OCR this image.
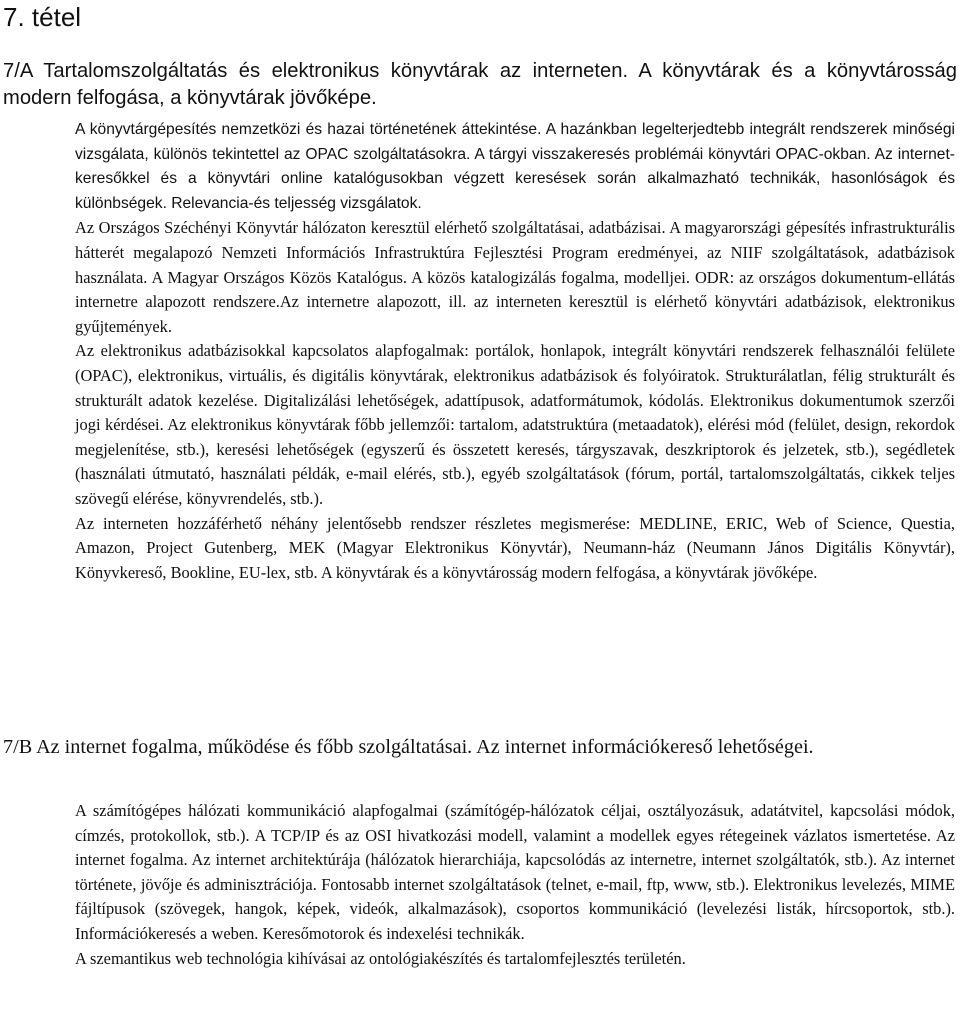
7. tétel
7/A Tartalomszolgáltatás és elektronikus könyvtárak az interneten. A könyvtárak és a könyvtárosság modern felfogása, a könyvtárak jövőképe.

A könyvtárgépesítés nemzetközi és hazai történetének áttekintése. A hazánkban legelterjedtebb integrált rendszerek minőségi vizsgálata, különös tekintettel az OPAC szolgáltatásokra. A tárgyi visszakeresés problémái könyvtári OPAC-okban. Az internet-keresőkkel és a könyvtári online katalógusokban végzett keresések során alkalmazható technikák, hasonlóságok és különbségek. Relevancia-és teljesség vizsgálatok.

Az Országos Széchényi Könyvtár hálózaton keresztül elérhető szolgáltatásai, adatbázisai. A magyarországi gépesítés infrastrukturális hátterét megalapozó Nemzeti Információs Infrastruktúra Fejlesztési Program eredményei, az NIIF szolgáltatások, adatbázisok használata. A Magyar Országos Közös Katalógus. A közös katalogizálás fogalma, modelljei. ODR: az országos dokumentum-ellátás internetre alapozott rendszere.Az internetre alapozott, ill. az interneten keresztül is elérhető könyvtári adatbázisok, elektronikus gyűjtemények.

Az elektronikus adatbázisokkal kapcsolatos alapfogalmak: portálok, honlapok, integrált könyvtári rendszerek felhasználói felülete (OPAC), elektronikus, virtuális, és digitális könyvtárak, elektronikus adatbázisok és folyóiratok. Strukturálatlan, félig strukturált és strukturált adatok kezelése. Digitalizálási lehetőségek, adattípusok, adatformátumok, kódolás. Elektronikus dokumentumok szerzői jogi kérdései. Az elektronikus könyvtárak főbb jellemzői: tartalom, adatstruktúra (metaadatok), elérési mód (felület, design, rekordok megjelenítése, stb.), keresési lehetőségek (egyszerű és összetett keresés, tárgyszavak, deszkriptorok és jelzetek, stb.), segédletek (használati útmutató, használati példák, e-mail elérés, stb.), egyéb szolgáltatások (fórum, portál, tartalomszolgáltatás, cikkek teljes szövegű elérése, könyvrendelés, stb.).

Az interneten hozzáférhető néhány jelentősebb rendszer részletes megismerése: MEDLINE, ERIC, Web of Science, Questia, Amazon, Project Gutenberg, MEK (Magyar Elektronikus Könyvtár), Neumann-ház (Neumann János Digitális Könyvtár), Könyvkereső, Bookline, EU-lex, stb. A könyvtárak és a könyvtárosság modern felfogása, a könyvtárak jövőképe.

7/B Az internet fogalma, működése és főbb szolgáltatásai. Az internet információkereső lehetőségei.

A számítógépes hálózati kommunikáció alapfogalmai (számítógép-hálózatok céljai, osztályozásuk, adatátvitel, kapcsolási módok, címzés, protokollok, stb.). A TCP/IP és az OSI hivatkozási modell, valamint a modellek egyes rétegeinek vázlatos ismertetése. Az internet fogalma. Az internet architektúrája (hálózatok hierarchiája, kapcsolódás az internetre, internet szolgáltatók, stb.). Az internet története, jövője és adminisztrációja. Fontosabb internet szolgáltatások (telnet, e-mail, ftp, www, stb.). Elektronikus levelezés, MIME fájltípusok (szövegek, hangok, képek, videók, alkalmazások), csoportos kommunikáció (levelezési listák, hírcsoportok, stb.). Információkeresés a weben. Keresőmotorok és indexelési technikák.

A szemantikus web technológia kihívásai az ontológiakészítés és tartalomfejlesztés területén.
